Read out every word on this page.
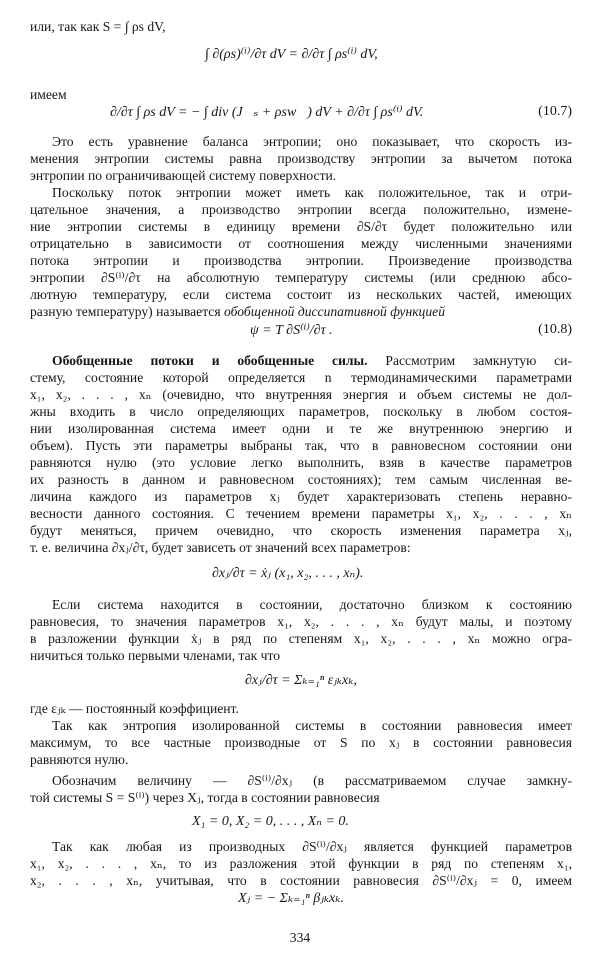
или, так как S = ∫ ρs dV,
∫ ∂(ρs)⁽ⁱ⁾/∂τ dV = ∂/∂τ ∫ ρs⁽ⁱ⁾ dV,
имеем
∂/∂τ ∫ ρs dV = − ∫ div (J⃗ₛ + ρsw⃗) dV + ∂/∂τ ∫ ρs⁽ⁱ⁾ dV.	(10.7)
Это есть уравнение баланса энтропии; оно показывает, что скорость из-
менения энтропии системы равна производству энтропии за вычетом потока
энтропии по ограничивающей систему поверхности.
Поскольку поток энтропии может иметь как положительное, так и отри-
цательное значения, а производство энтропии всегда положительно, измене-
ние энтропии системы в единицу времени ∂S/∂τ будет положительно или
отрицательно в зависимости от соотношения между численными значениями
потока энтропии и производства энтропии. Произведение производства
энтропии ∂S⁽ⁱ⁾/∂τ на абсолютную температуру системы (или среднюю абсо-
лютную температуру, если система состоит из нескольких частей, имеющих
разную температуру) называется обобщенной диссипативной функцией
ψ = T ∂S⁽ⁱ⁾/∂τ .	(10.8)
Обобщенные потоки и обобщенные силы. Рассмотрим замкнутую си-
стему, состояние которой определяется n термодинамическими параметрами
x₁, x₂, . . . , xₙ (очевидно, что внутренняя энергия и объем системы не дол-
жны входить в число определяющих параметров, поскольку в любом состоя-
нии изолированная система имеет одни и те же внутреннюю энергию и
объем). Пусть эти параметры выбраны так, что в равновесном состоянии они
равняются нулю (это условие легко выполнить, взяв в качестве параметров
их разность в данном и равновесном состояниях); тем самым численная ве-
личина каждого из параметров xⱼ будет характеризовать степень неравно-
весности данного состояния. С течением времени параметры x₁, x₂, . . . , xₙ
будут меняться, причем очевидно, что скорость изменения параметра xⱼ,
т. е. величина ∂xⱼ/∂τ, будет зависеть от значений всех параметров:
∂xⱼ/∂τ = ẋⱼ (x₁, x₂, . . . , xₙ).
Если система находится в состоянии, достаточно близком к состоянию
равновесия, то значения параметров x₁, x₂, . . . , xₙ будут малы, и поэтому
в разложении функции ẋⱼ в ряд по степеням x₁, x₂, . . . , xₙ можно огра-
ничиться только первыми членами, так что
∂xⱼ/∂τ = Σₖ₌₁ⁿ εⱼₖxₖ,
где εⱼₖ — постоянный коэффициент.
Так как энтропия изолированной системы в состоянии равновесия имеет
максимум, то все частные производные от S по xⱼ в состоянии равновесия
равняются нулю.
Обозначим величину — ∂S⁽ⁱ⁾/∂xⱼ (в рассматриваемом случае замкну-
той системы S = S⁽ⁱ⁾) через Xⱼ, тогда в состоянии равновесия
X₁ = 0, X₂ = 0, . . . , Xₙ = 0.
Так как любая из производных ∂S⁽ⁱ⁾/∂xⱼ является функцией параметров
x₁, x₂, . . . , xₙ, то из разложения этой функции в ряд по степеням x₁,
x₂, . . . , xₙ, учитывая, что в состоянии равновесия ∂S⁽ⁱ⁾/∂xⱼ = 0, имеем
Xⱼ = − Σₖ₌₁ⁿ βⱼₖxₖ.
334
